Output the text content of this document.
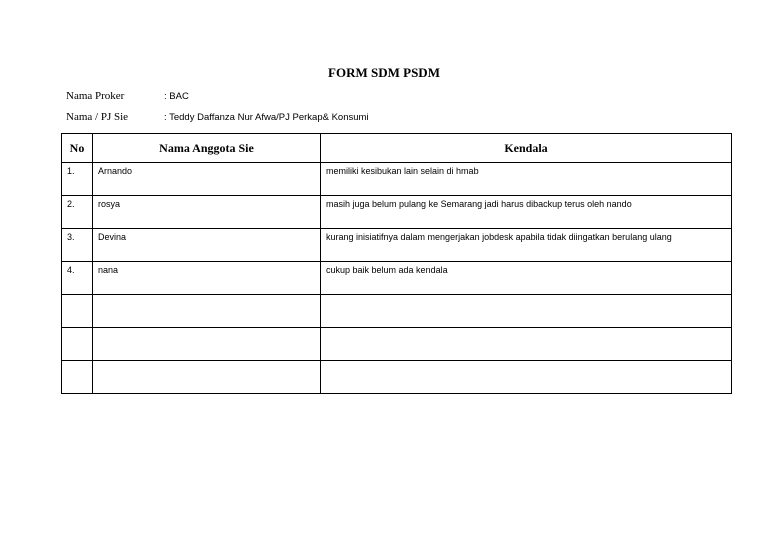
FORM SDM PSDM
Nama Proker	: BAC
Nama / PJ Sie	: Teddy Daffanza Nur Afwa/PJ Perkap& Konsumi
No	Nama Anggota Sie	Kendala
1.	Arnando	memiliki kesibukan lain selain di hmab
2.	rosya	masih juga belum pulang ke Semarang jadi harus dibackup terus oleh nando
3.	Devina	kurang inisiatifnya dalam mengerjakan jobdesk apabila tidak diingatkan berulang ulang
4.	nana	cukup baik belum ada kendala
